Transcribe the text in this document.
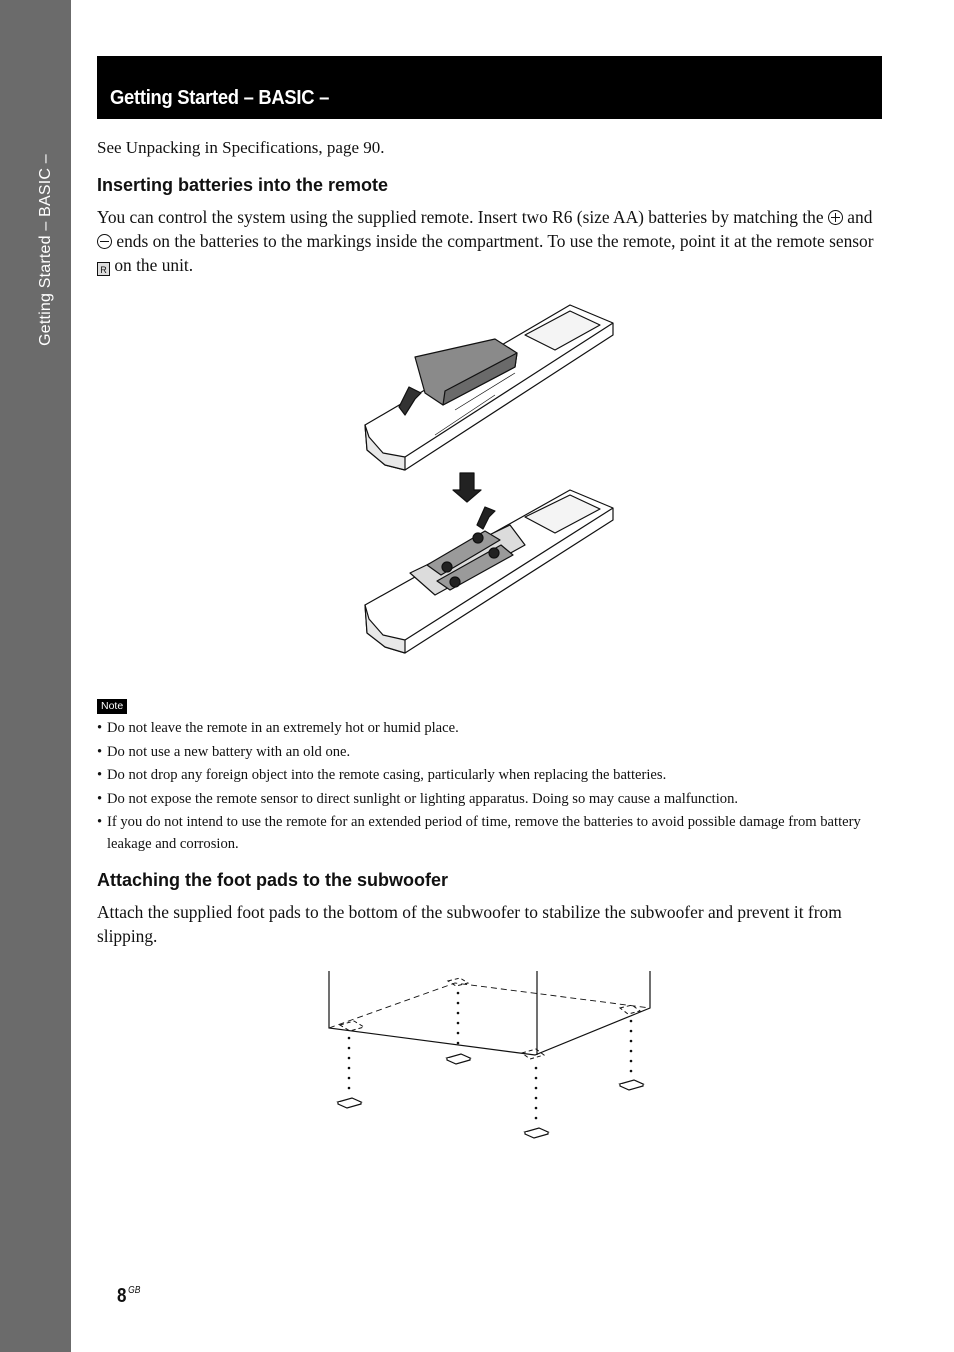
Getting Started – BASIC –
Getting Started – BASIC –
See Unpacking in Specifications, page 90.
Inserting batteries into the remote
You can control the system using the supplied remote. Insert two R6 (size AA) batteries by matching the and  ends on the batteries to the markings inside the compartment. To use the remote, point it at the remote sensor R on the unit.
Note
• Do not leave the remote in an extremely hot or humid place.
• Do not use a new battery with an old one.
• Do not drop any foreign object into the remote casing, particularly when replacing the batteries.
• Do not expose the remote sensor to direct sunlight or lighting apparatus. Doing so may cause a malfunction.
• If you do not intend to use the remote for an extended period of time, remove the batteries to avoid possible damage from battery leakage and corrosion.
Attaching the foot pads to the subwoofer
Attach the supplied foot pads to the bottom of the subwoofer to stabilize the subwoofer and prevent it from slipping.
8 $^{GB}$
